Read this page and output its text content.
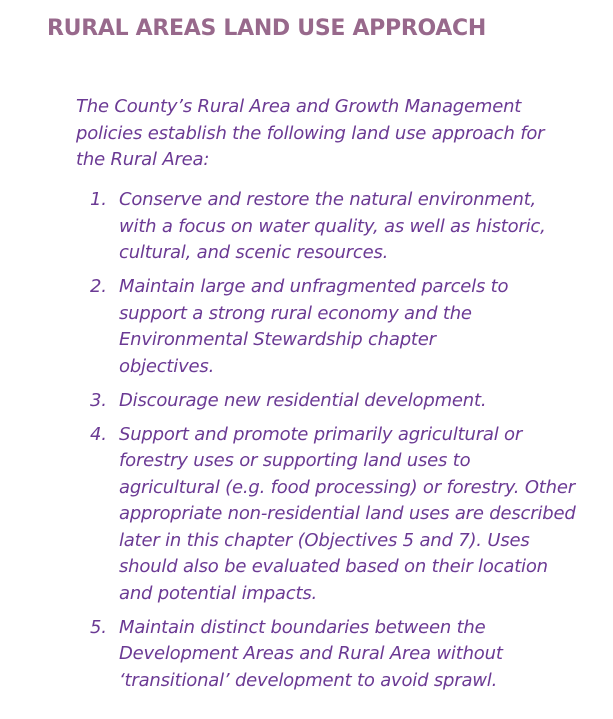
RURAL AREAS LAND USE APPROACH

The County’s Rural Area and Growth Management policies establish the following land use approach for the Rural Area:

1. Conserve and restore the natural environment, with a focus on water quality, as well as historic, cultural, and scenic resources.
2. Maintain large and unfragmented parcels to support a strong rural economy and the Environmental Stewardship chapter objectives.
3. Discourage new residential development.
4. Support and promote primarily agricultural or forestry uses or supporting land uses to agricultural (e.g. food processing) or forestry. Other appropriate non-residential land uses are described later in this chapter (Objectives 5 and 7). Uses should also be evaluated based on their location and potential impacts.
5. Maintain distinct boundaries between the Development Areas and Rural Area without ‘transitional’ development to avoid sprawl.
